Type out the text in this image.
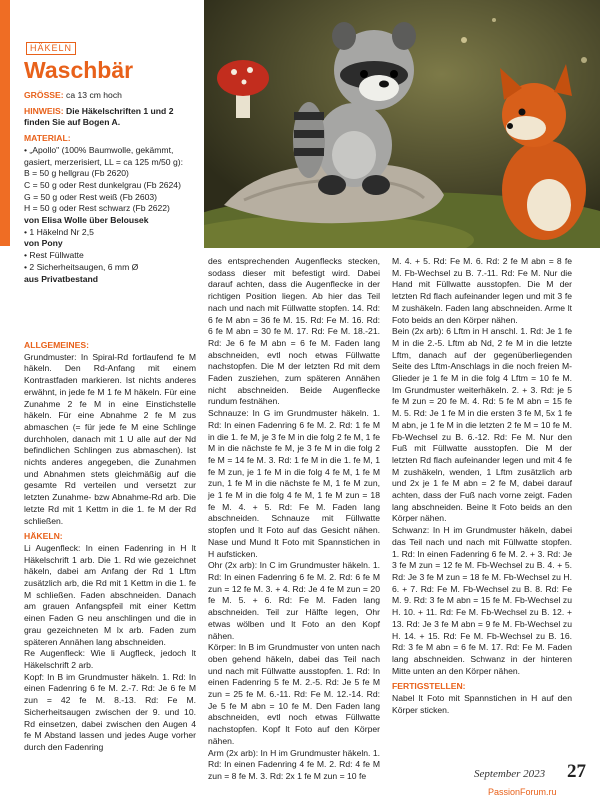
HÄKELN
Waschbär

GRÖSSE: ca 13 cm hoch

HINWEIS: Die Häkelschriften 1 und 2 finden Sie auf Bogen A.

MATERIAL:

• „Apollo" (100% Baumwolle, gekämmt, gasiert, merzerisiert, LL = ca 125 m/50 g):

B = 50 g hellgrau (Fb 2620)

C = 50 g oder Rest dunkelgrau (Fb 2624)

G = 50 g oder Rest weiß (Fb 2603)

H = 50 g oder Rest schwarz (Fb 2622)

von Elisa Wolle über Belousek

• 1 Häkelnd Nr 2,5

von Pony

• Rest Füllwatte

• 2 Sicherheitsaugen, 6 mm Ø

aus Privatbestand

ALLGEMEINES:

Grundmuster: In Spiral-Rd fortlaufend fe M häkeln. Den Rd-Anfang mit einem Kontrastfaden markieren. Ist nichts anderes erwähnt, in jede fe M 1 fe M häkeln. Für eine Zunahme 2 fe M in eine Einstichstelle häkeln. Für eine Abnahme 2 fe M zus abmaschen (= für jede fe M eine Schlinge durchholen, danach mit 1 U alle auf der Nd befindlichen Schlingen zus abmaschen). Ist nichts anderes angegeben, die Zunahmen und Abnahmen stets gleichmäßig auf die gesamte Rd verteilen und versetzt zur letzten Zunahme- bzw Abnahme-Rd arb. Die letzte Rd mit 1 Kettm in die 1. fe M der Rd schließen.

HÄKELN:

Li Augenfleck: In einen Fadenring in H lt Häkelschrift 1 arb. Die 1. Rd wie gezeichnet häkeln, dabei am Anfang der Rd 1 Lftm zusätzlich arb, die Rd mit 1 Kettm in die 1. fe M schließen. Faden abschneiden. Danach am grauen Anfangspfeil mit einer Kettm einen Faden G neu anschlingen und die in grau gezeichneten M lx arb. Faden zum späteren Annähen lang abschneiden.

Re Augenfleck: Wie li Augfleck, jedoch lt Häkelschrift 2 arb.

Kopf: In B im Grundmuster häkeln. 1. Rd: In einen Fadenring 6 fe M. 2.-7. Rd: Je 6 fe M zun = 42 fe M. 8.-13. Rd: Fe M. Sicherheitsaugen zwischen der 9. und 10. Rd einsetzen, dabei zwischen den Augen 4 fe M Abstand lassen und jedes Auge vorher durch den Fadenring

des entsprechenden Augenflecks stecken, sodass dieser mit befestigt wird. Dabei darauf achten, dass die Augenflecke in der richtigen Position liegen. Ab hier das Teil nach und nach mit Füllwatte stopfen. 14. Rd: 6 fe M abn = 36 fe M. 15. Rd: Fe M. 16. Rd: 6 fe M abn = 30 fe M. 17. Rd: Fe M. 18.-21. Rd: Je 6 fe M abn = 6 fe M. Faden lang abschneiden, evtl noch etwas Füllwatte nachstopfen. Die M der letzten Rd mit dem Faden zusziehen, zum späteren Annähen nicht abschneiden. Beide Augenflecke rundum festnähen.

Schnauze: In G im Grundmuster häkeln. 1. Rd: In einen Fadenring 6 fe M. 2. Rd: 1 fe M in die 1. fe M, je 3 fe M in die folg 2 fe M, 1 fe M in die nächste fe M, je 3 fe M in die folg 2 fe M = 14 fe M. 3. Rd: 1 fe M in die 1. fe M, 1 fe M zun, je 1 fe M in die folg 4 fe M, 1 fe M zun, 1 fe M in die nächste fe M, 1 fe M zun, je 1 fe M in die folg 4 fe M, 1 fe M zun = 18 fe M. 4. + 5. Rd: Fe M. Faden lang abschneiden. Schnauze mit Füllwatte stopfen und lt Foto auf das Gesicht nähen. Nase und Mund lt Foto mit Spannstichen in H aufsticken.

Ohr (2x arb): In C im Grundmuster häkeln. 1. Rd: In einen Fadenring 6 fe M. 2. Rd: 6 fe M zun = 12 fe M. 3. + 4. Rd: Je 4 fe M zun = 20 fe M. 5. + 6. Rd: Fe M. Faden lang abschneiden. Teil zur Hälfte legen, Ohr etwas wölben und lt Foto an den Kopf nähen.

Körper: In B im Grundmuster von unten nach oben gehend häkeln, dabei das Teil nach und nach mit Füllwatte ausstopfen. 1. Rd: In einen Fadenring 5 fe M. 2.-5. Rd: Je 5 fe M zun = 25 fe M. 6.-11. Rd: Fe M. 12.-14. Rd: Je 5 fe M abn = 10 fe M. Den Faden lang abschneiden, evtl noch etwas Füllwatte nachstopfen. Kopf lt Foto auf den Körper nähen.

Arm (2x arb): In H im Grundmuster häkeln. 1. Rd: In einen Fadenring 4 fe M. 2. Rd: 4 fe M zun = 8 fe M. 3. Rd: 2x 1 fe M zun = 10 fe

M. 4. + 5. Rd: Fe M. 6. Rd: 2 fe M abn = 8 fe M. Fb-Wechsel zu B. 7.-11. Rd: Fe M. Nur die Hand mit Füllwatte ausstopfen. Die M der letzten Rd flach aufeinander legen und mit 3 fe M zushäkeln. Faden lang abschneiden. Arme lt Foto beids an den Körper nähen.

Bein (2x arb): 6 Lftm in H anschl. 1. Rd: Je 1 fe M in die 2.-5. Lftm ab Nd, 2 fe M in die letzte Lftm, danach auf der gegenüberliegenden Seite des Lftm-Anschlags in die noch freien M-Glieder je 1 fe M in die folg 4 Lftm = 10 fe M. Im Grundmuster weiterhäkeln. 2. + 3. Rd: je 5 fe M zun = 20 fe M. 4. Rd: 5 fe M abn = 15 fe M. 5. Rd: Je 1 fe M in die ersten 3 fe M, 5x 1 fe M abn, je 1 fe M in die letzten 2 fe M = 10 fe M. Fb-Wechsel zu B. 6.-12. Rd: Fe M. Nur den Fuß mit Füllwatte ausstopfen. Die M der letzten Rd flach aufeinander legen und mit 4 fe M zushäkeln, wenden, 1 Lftm zusätzlich arb und 2x je 1 fe M abn = 2 fe M, dabei darauf achten, dass der Fuß nach vorne zeigt. Faden lang abschneiden. Beine lt Foto beids an den Körper nähen.

Schwanz: In H im Grundmuster häkeln, dabei das Teil nach und nach mit Füllwatte stopfen. 1. Rd: In einen Fadenring 6 fe M. 2. + 3. Rd: Je 3 fe M zun = 12 fe M. Fb-Wechsel zu B. 4. + 5. Rd: Je 3 fe M zun = 18 fe M. Fb-Wechsel zu H. 6. + 7. Rd: Fe M. Fb-Wechsel zu B. 8. Rd: Fe M. 9. Rd: 3 fe M abn = 15 fe M. Fb-Wechsel zu H. 10. + 11. Rd: Fe M. Fb-Wechsel zu B. 12. + 13. Rd: Je 3 fe M abn = 9 fe M. Fb-Wechsel zu H. 14. + 15. Rd: Fe M. Fb-Wechsel zu B. 16. Rd: 3 fe M abn = 6 fe M. 17. Rd: Fe M. Faden lang abschneiden. Schwanz in der hinteren Mitte unten an den Körper nähen.

FERTIGSTELLEN:

Nabel lt Foto mit Spannstichen in H auf den Körper sticken.

September 2023 27
PassionForum.ru
